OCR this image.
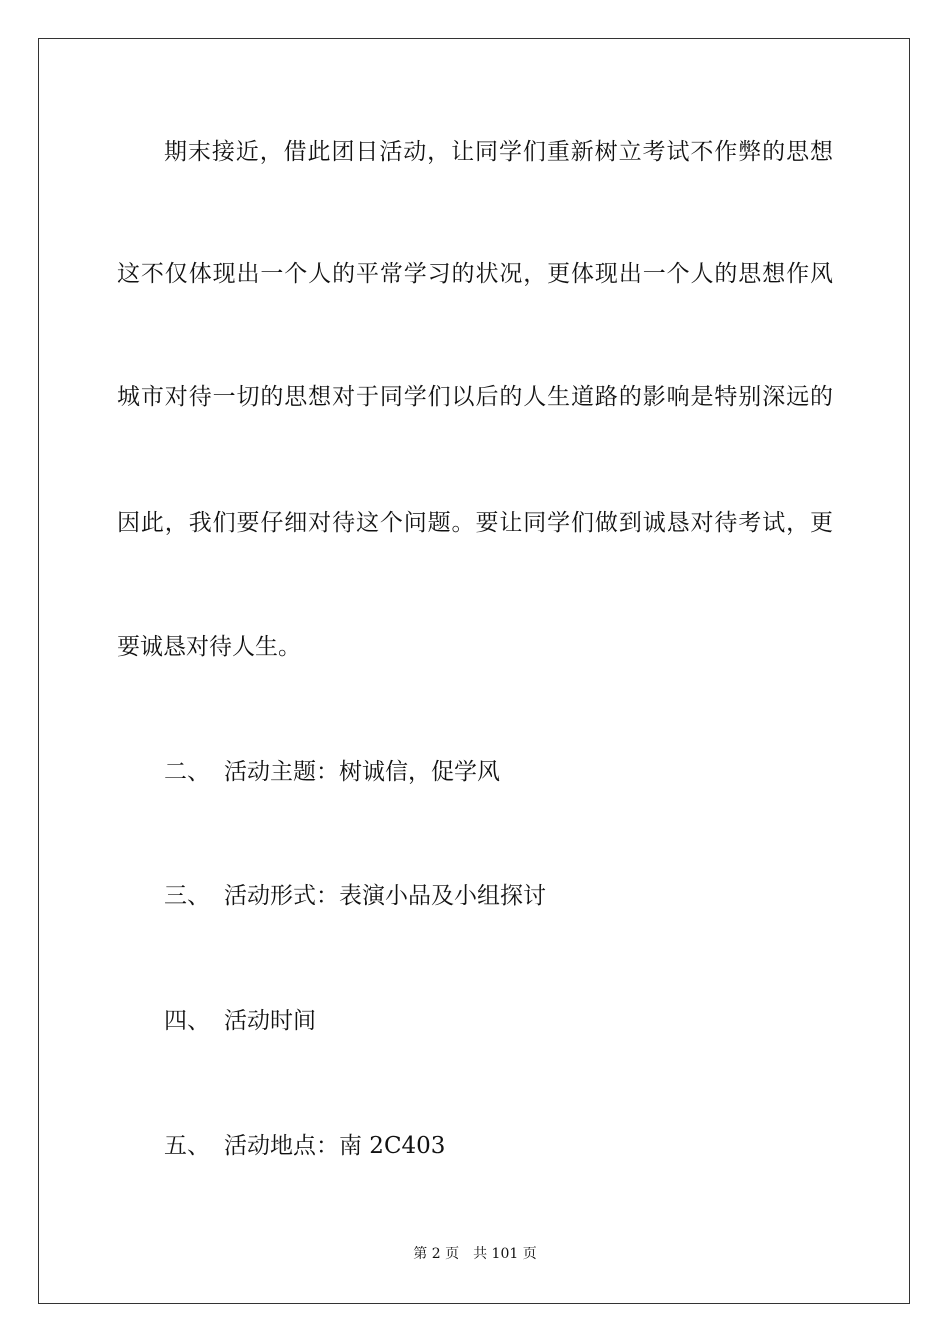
期末接近，借此团日活动，让同学们重新树立考试不作弊的思想
这不仅体现出一个人的平常学习的状况，更体现出一个人的思想作风
城市对待一切的思想对于同学们以后的人生道路的影响是特别深远的
因此，我们要仔细对待这个问题。要让同学们做到诚恳对待考试，更
要诚恳对待人生。
二、 活动主题：树诚信，促学风
三、 活动形式：表演小品及小组探讨
四、 活动时间
五、 活动地点：南 2C403
第 2 页 共 101 页
